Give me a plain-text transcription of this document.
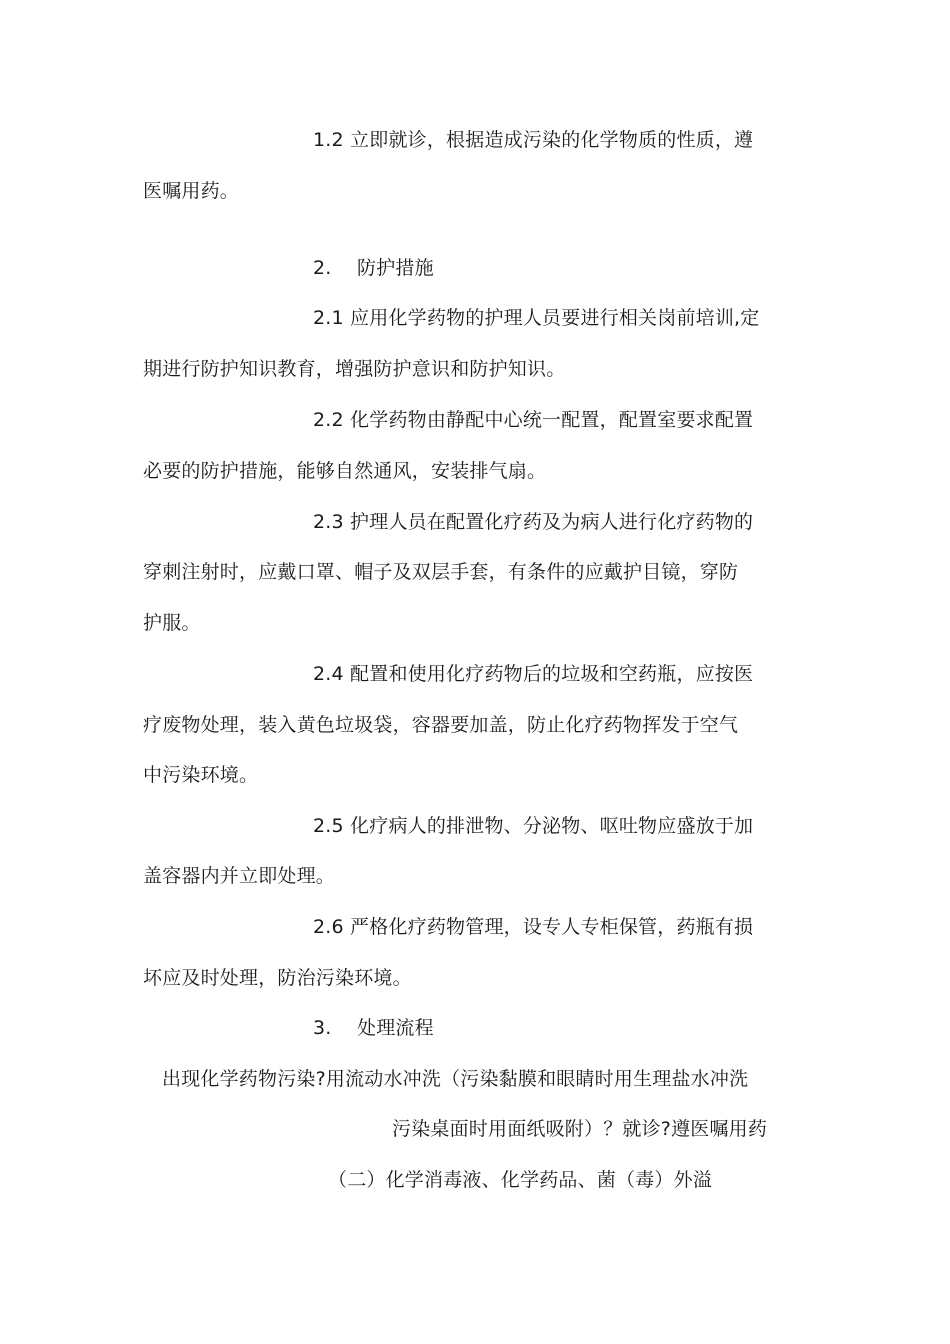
1.2 立即就诊，根据造成污染的化学物质的性质，遵
医嘱用药。
2. 防护措施
2.1 应用化学药物的护理人员要进行相关岗前培训,定
期进行防护知识教育，增强防护意识和防护知识。
2.2 化学药物由静配中心统一配置，配置室要求配置
必要的防护措施，能够自然通风，安装排气扇。
2.3 护理人员在配置化疗药及为病人进行化疗药物的
穿刺注射时，应戴口罩、帽子及双层手套，有条件的应戴护目镜，穿防
护服。
2.4 配置和使用化疗药物后的垃圾和空药瓶，应按医
疗废物处理，装入黄色垃圾袋，容器要加盖，防止化疗药物挥发于空气
中污染环境。
2.5 化疗病人的排泄物、分泌物、呕吐物应盛放于加
盖容器内并立即处理。
2.6 严格化疗药物管理，设专人专柜保管，药瓶有损
坏应及时处理，防治污染环境。
3. 处理流程
出现化学药物污染?用流动水冲洗（污染黏膜和眼睛时用生理盐水冲洗
污染桌面时用面纸吸附）？就诊?遵医嘱用药
（二）化学消毒液、化学药品、菌（毒）外溢
